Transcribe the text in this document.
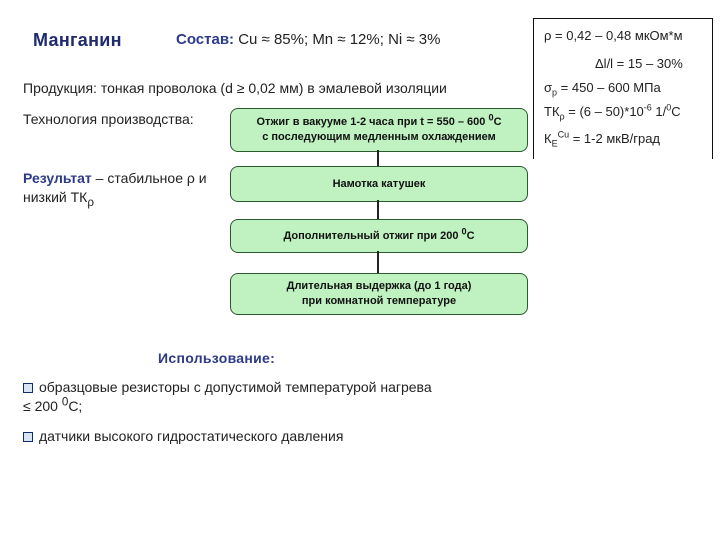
Манганин	Состав: Cu ≈ 85%; Mn ≈ 12%; Ni ≈ 3%	ρ = 0,42 – 0,48 мкОм*м
Δl/l = 15 – 30%
$\sigma_р = 450 - 600$ МПа
$ТК_\rho = (6 - 50)*10^{-6}$ 1/$^0$С
$К_E^{Cu} = 1-2$ мкВ/град
Продукция: тонкая проволока (d ≥ 0,02 мм) в эмалевой изоляции
Технология производства:
Результат – стабильное ρ и низкий $ТК_\rho$
Отжиг в вакууме 1-2 часа при t = 550 – 600 $^0$С
с последующим медленным охлаждением
Намотка катушек
Дополнительный отжиг при 200 $^0$С
Длительная выдержка (до 1 года)
при комнатной температуре
Использование:
образцовые резисторы с допустимой температурой нагрева ≤ 200 $^0$С;
датчики высокого гидростатического давления
